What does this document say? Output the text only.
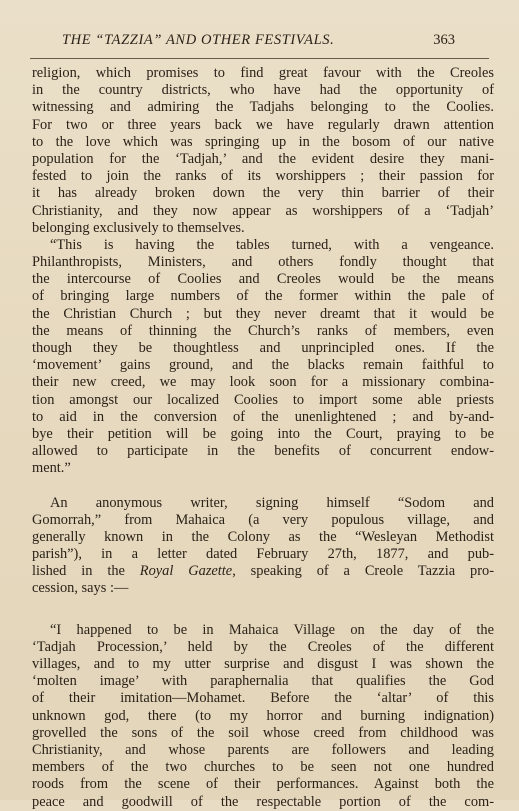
THE “TAZZIA” AND OTHER FESTIVALS.	363
religion, which promises to find great favour with the Creoles
in the country districts, who have had the opportunity of
witnessing and admiring the Tadjahs belonging to the Coolies.
For two or three years back we have regularly drawn attention
to the love which was springing up in the bosom of our native
population for the ‘Tadjah,’ and the evident desire they mani-
fested to join the ranks of its worshippers ; their passion for
it has already broken down the very thin barrier of their
Christianity, and they now appear as worshippers of a ‘Tadjah’
belonging exclusively to themselves.
“This is having the tables turned, with a vengeance.
Philanthropists, Ministers, and others fondly thought that
the intercourse of Coolies and Creoles would be the means
of bringing large numbers of the former within the pale of
the Christian Church ; but they never dreamt that it would be
the means of thinning the Church’s ranks of members, even
though they be thoughtless and unprincipled ones. If the
‘movement’ gains ground, and the blacks remain faithful to
their new creed, we may look soon for a missionary combina-
tion amongst our localized Coolies to import some able priests
to aid in the conversion of the unenlightened ; and by-and-
bye their petition will be going into the Court, praying to be
allowed to participate in the benefits of concurrent endow-
ment.”
An anonymous writer, signing himself “Sodom and
Gomorrah,” from Mahaica (a very populous village, and
generally known in the Colony as the “Wesleyan Methodist
parish”), in a letter dated February 27th, 1877, and pub-
lished in the Royal Gazette, speaking of a Creole Tazzia pro-
cession, says :—
“I happened to be in Mahaica Village on the day of the
‘Tadjah Procession,’ held by the Creoles of the different
villages, and to my utter surprise and disgust I was shown the
‘molten image’ with paraphernalia that qualifies the God
of their imitation—Mohamet. Before the ‘altar’ of this
unknown god, there (to my horror and burning indignation)
grovelled the sons of the soil whose creed from childhood was
Christianity, and whose parents are followers and leading
members of the two churches to be seen not one hundred
roods from the scene of their performances. Against both the
peace and goodwill of the respectable portion of the com-
